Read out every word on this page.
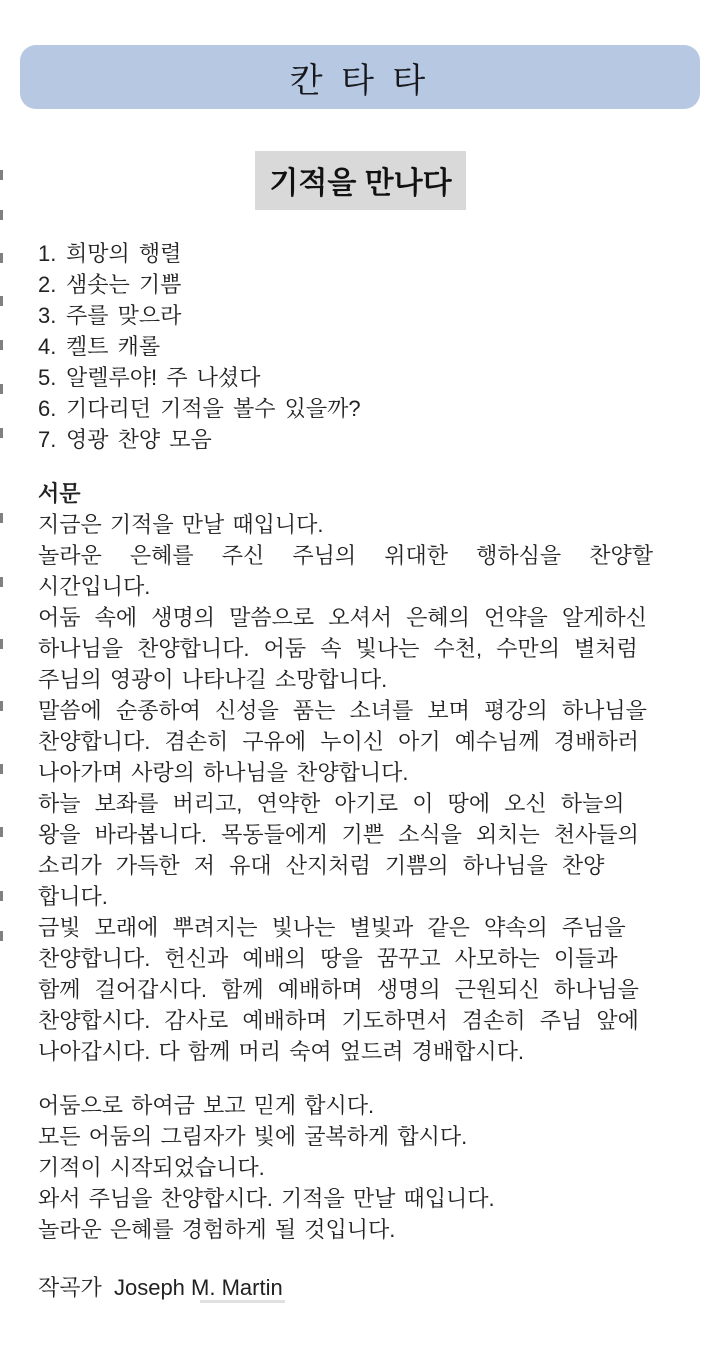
칸 타 타
기적을 만나다
1. 희망의 행렬
2. 샘솟는 기쁨
3. 주를 맞으라
4. 켈트 캐롤
5. 알렐루야! 주 나셨다
6. 기다리던 기적을 볼수 있을까?
7. 영광 찬양 모음
서문
지금은 기적을 만날 때입니다.
놀라운 은혜를 주신 주님의 위대한 행하심을 찬양할
시간입니다.
어둠 속에 생명의 말씀으로 오셔서 은혜의 언약을 알게하신
하나님을 찬양합니다. 어둠 속 빛나는 수천, 수만의 별처럼
주님의 영광이 나타나길 소망합니다.
말씀에 순종하여 신성을 품는 소녀를 보며 평강의 하나님을
찬양합니다. 겸손히 구유에 누이신 아기 예수님께 경배하러
나아가며 사랑의 하나님을 찬양합니다.
하늘 보좌를 버리고, 연약한 아기로 이 땅에 오신 하늘의
왕을 바라봅니다. 목동들에게 기쁜 소식을 외치는 천사들의
소리가 가득한 저 유대 산지처럼 기쁨의 하나님을 찬양
합니다.
금빛 모래에 뿌려지는 빛나는 별빛과 같은 약속의 주님을
찬양합니다. 헌신과 예배의 땅을 꿈꾸고 사모하는 이들과
함께 걸어갑시다. 함께 예배하며 생명의 근원되신 하나님을
찬양합시다. 감사로 예배하며 기도하면서 겸손히 주님 앞에
나아갑시다. 다 함께 머리 숙여 엎드려 경배합시다.
어둠으로 하여금 보고 믿게 합시다.
모든 어둠의 그림자가 빛에 굴복하게 합시다.
기적이 시작되었습니다.
와서 주님을 찬양합시다. 기적을 만날 때입니다.
놀라운 은혜를 경험하게 될 것입니다.
작곡가  Joseph M. Martin
